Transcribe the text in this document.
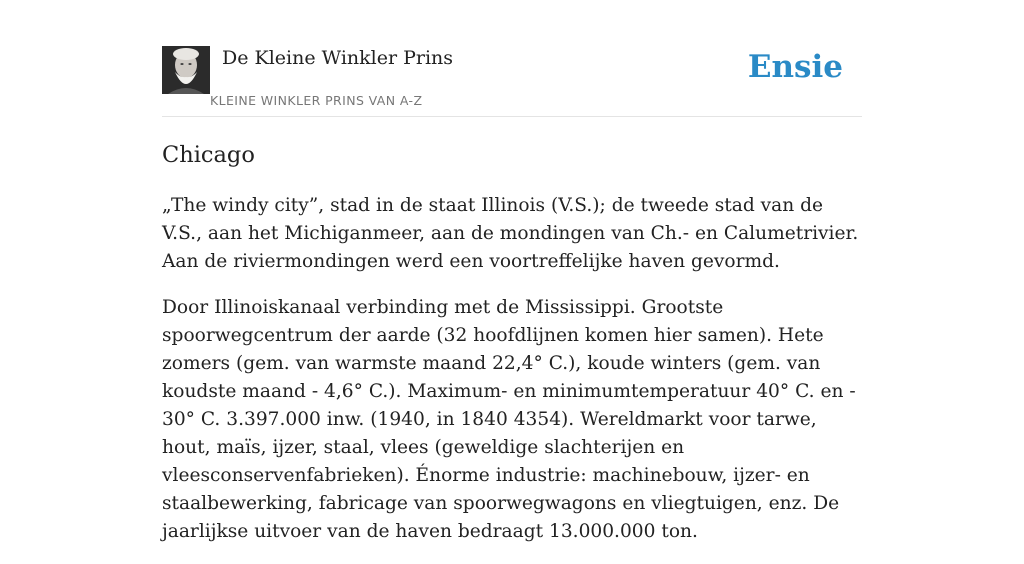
De Kleine Winkler Prins
KLEINE WINKLER PRINS VAN A-Z
Ensie
Chicago

„The windy city”, stad in de staat Illinois (V.S.); de tweede stad van de V.S., aan het Michiganmeer, aan de mondingen van Ch.- en Calumetrivier. Aan de riviermondingen werd een voortreffelijke haven gevormd.

Door Illinoiskanaal verbinding met de Mississippi. Grootste spoorwegcentrum der aarde (32 hoofdlijnen komen hier samen). Hete zomers (gem. van warmste maand 22,4° C.), koude winters (gem. van koudste maand - 4,6° C.). Maximum- en minimumtemperatuur 40° C. en - 30° C. 3.397.000 inw. (1940, in 1840 4354). Wereldmarkt voor tarwe, hout, maïs, ijzer, staal, vlees (geweldige slachterijen en vleesconservenfabrieken). Énorme industrie: machinebouw, ijzer- en staalbewerking, fabricage van spoorwegwagons en vliegtuigen, enz. De jaarlijkse uitvoer van de haven bedraagt 13.000.000 ton.
